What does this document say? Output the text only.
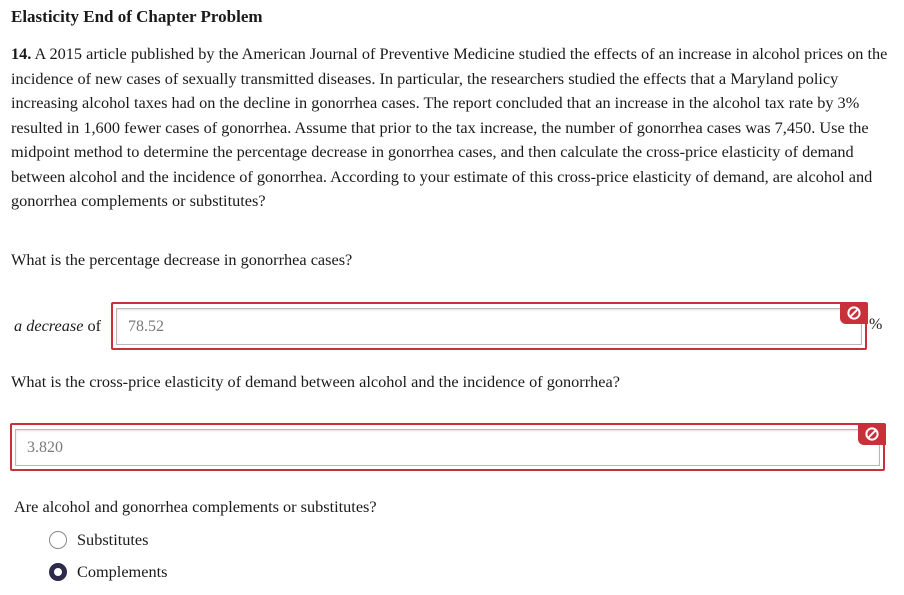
Elasticity End of Chapter Problem

14. A 2015 article published by the American Journal of Preventive Medicine studied the effects of an increase in alcohol prices on the incidence of new cases of sexually transmitted diseases. In particular, the researchers studied the effects that a Maryland policy increasing alcohol taxes had on the decline in gonorrhea cases. The report concluded that an increase in the alcohol tax rate by 3% resulted in 1,600 fewer cases of gonorrhea. Assume that prior to the tax increase, the number of gonorrhea cases was 7,450. Use the midpoint method to determine the percentage decrease in gonorrhea cases, and then calculate the cross-price elasticity of demand between alcohol and the incidence of gonorrhea. According to your estimate of this cross-price elasticity of demand, are alcohol and gonorrhea complements or substitutes?

What is the percentage decrease in gonorrhea cases?

a decrease of	78.52	%

What is the cross-price elasticity of demand between alcohol and the incidence of gonorrhea?

3.820

Are alcohol and gonorrhea complements or substitutes?

Substitutes
Complements
